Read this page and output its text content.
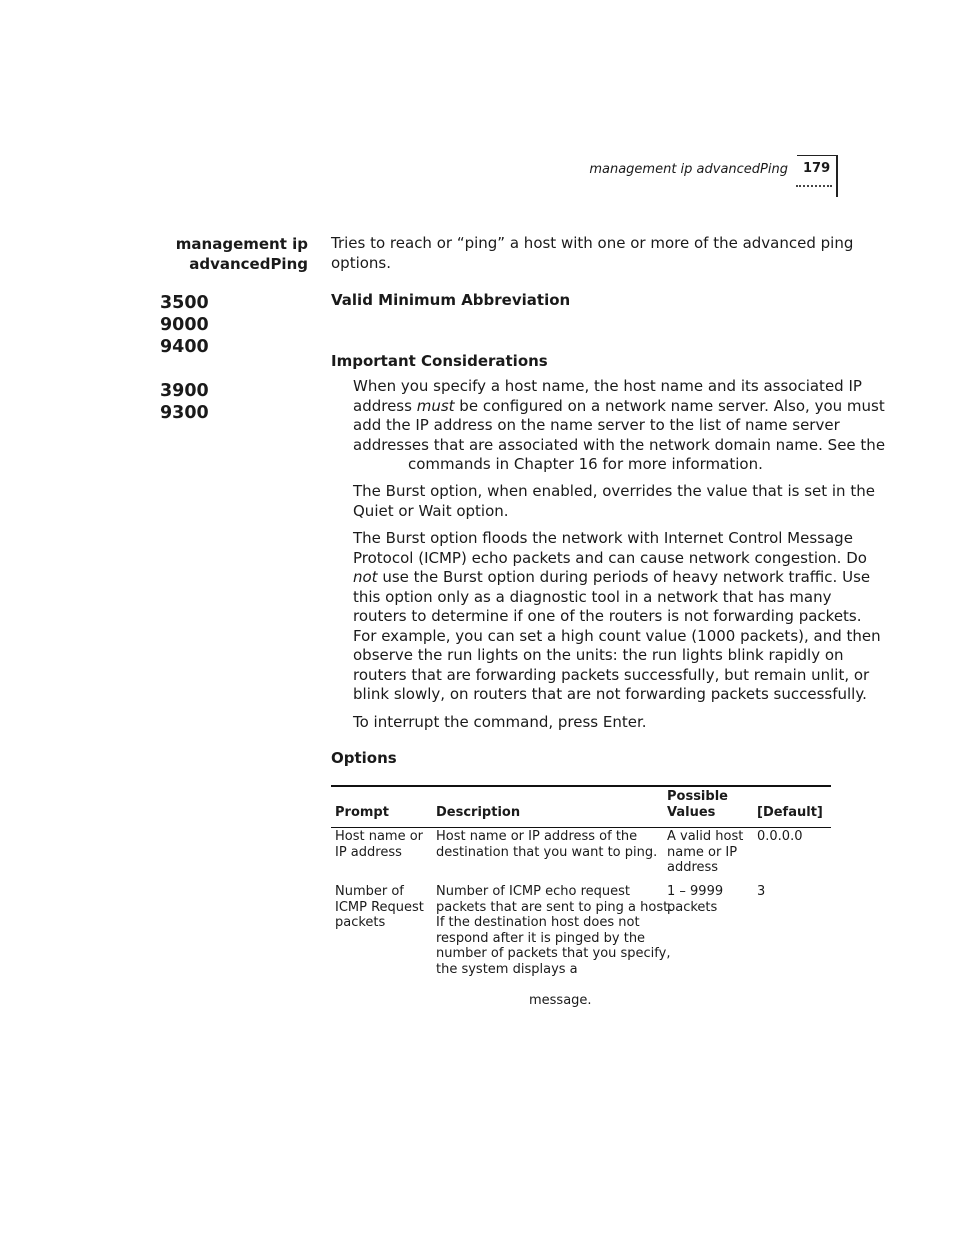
management ip advancedPing 179
management ip
advancedPing
3500
9000
9400
3900
9300
Tries to reach or “ping” a host with one or more of the advanced ping
options.
Valid Minimum Abbreviation
Important Considerations
When you specify a host name, the host name and its associated IP
address must be configured on a network name server. Also, you must
add the IP address on the name server to the list of name server
addresses that are associated with the network domain name. See the
commands in Chapter 16 for more information.
The Burst option, when enabled, overrides the value that is set in the
Quiet or Wait option.
The Burst option floods the network with Internet Control Message
Protocol (ICMP) echo packets and can cause network congestion. Do
not use the Burst option during periods of heavy network traffic. Use
this option only as a diagnostic tool in a network that has many
routers to determine if one of the routers is not forwarding packets.
For example, you can set a high count value (1000 packets), and then
observe the run lights on the units: the run lights blink rapidly on
routers that are forwarding packets successfully, but remain unlit, or
blink slowly, on routers that are not forwarding packets successfully.
To interrupt the command, press Enter.
Options
Prompt	Description
Possible
Values	[Default]
Host name or
IP address
Host name or IP address of the
destination that you want to ping.
A valid host
name or IP
address
0.0.0.0
Number of
ICMP Request
packets
Number of ICMP echo request
packets that are sent to ping a host.
If the destination host does not
respond after it is pinged by the
number of packets that you specify,
the system displays a
1 – 9999
packets
3
message.
